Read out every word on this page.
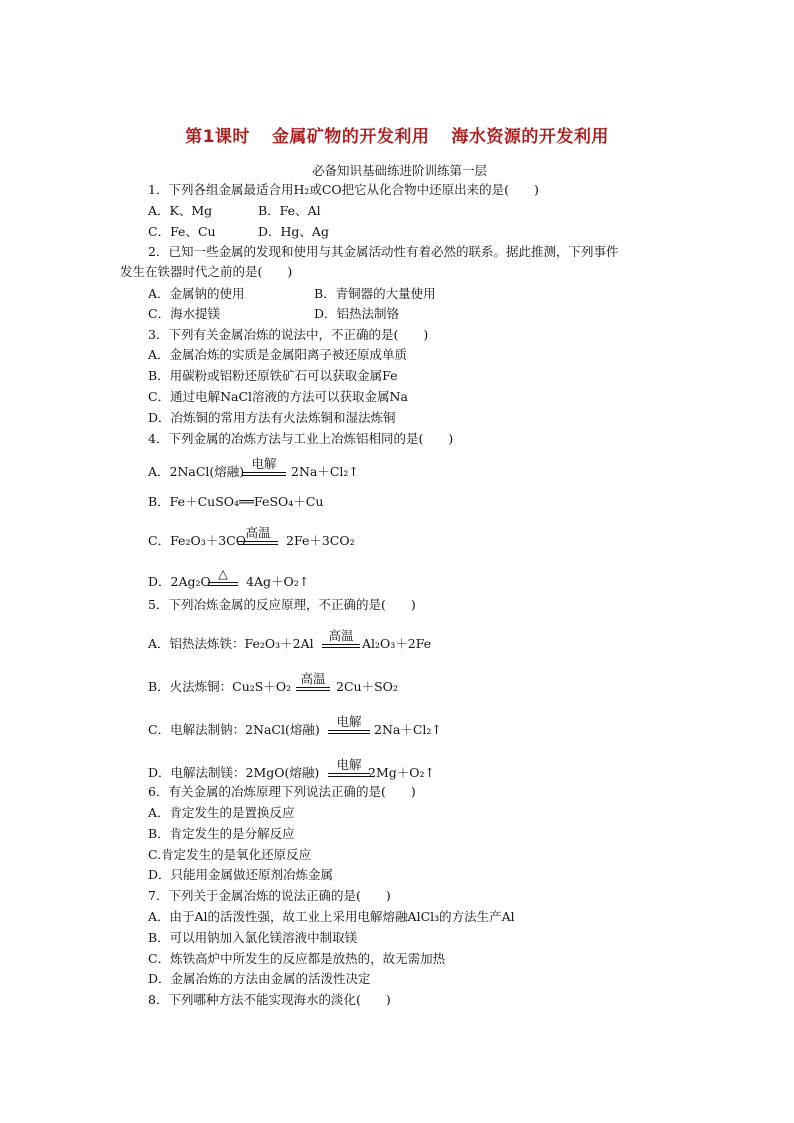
第1课时 金属矿物的开发利用 海水资源的开发利用
必备知识基础练进阶训练第一层
1．下列各组金属最适合用H₂或CO把它从化合物中还原出来的是(　　)
A．K、Mg	B．Fe、Al
C．Fe、Cu	D．Hg、Ag
2．已知一些金属的发现和使用与其金属活动性有着必然的联系。据此推测，下列事件
发生在铁器时代之前的是(　　)
A．金属钠的使用	B．青铜器的大量使用
C．海水提镁	D．铝热法制铬
3．下列有关金属冶炼的说法中，不正确的是(　　)
A．金属冶炼的实质是金属阳离子被还原成单质
B．用碳粉或铝粉还原铁矿石可以获取金属Fe
C．通过电解NaCl溶液的方法可以获取金属Na
D．冶炼铜的常用方法有火法炼铜和湿法炼铜
4．下列金属的冶炼方法与工业上冶炼铝相同的是(　　)
A．2NaCl(熔融)
电解
2Na＋Cl₂↑
B．Fe＋CuSO₄══FeSO₄＋Cu
C．Fe₂O₃＋3CO
高温
2Fe＋3CO₂
D．2Ag₂O
△
4Ag＋O₂↑
5．下列冶炼金属的反应原理，不正确的是(　　)
A．铝热法炼铁：Fe₂O₃＋2Al
高温
Al₂O₃＋2Fe
B．火法炼铜：Cu₂S＋O₂
高温
2Cu＋SO₂
C．电解法制钠：2NaCl(熔融)
电解
2Na＋Cl₂↑
D．电解法制镁：2MgO(熔融)
电解
2Mg＋O₂↑
6．有关金属的冶炼原理下列说法正确的是(　　)
A．肯定发生的是置换反应
B．肯定发生的是分解反应
C.肯定发生的是氧化还原反应
D．只能用金属做还原剂冶炼金属
7．下列关于金属冶炼的说法正确的是(　　)
A．由于Al的活泼性强，故工业上采用电解熔融AlCl₃的方法生产Al
B．可以用钠加入氯化镁溶液中制取镁
C．炼铁高炉中所发生的反应都是放热的，故无需加热
D．金属冶炼的方法由金属的活泼性决定
8．下列哪种方法不能实现海水的淡化(　　)
